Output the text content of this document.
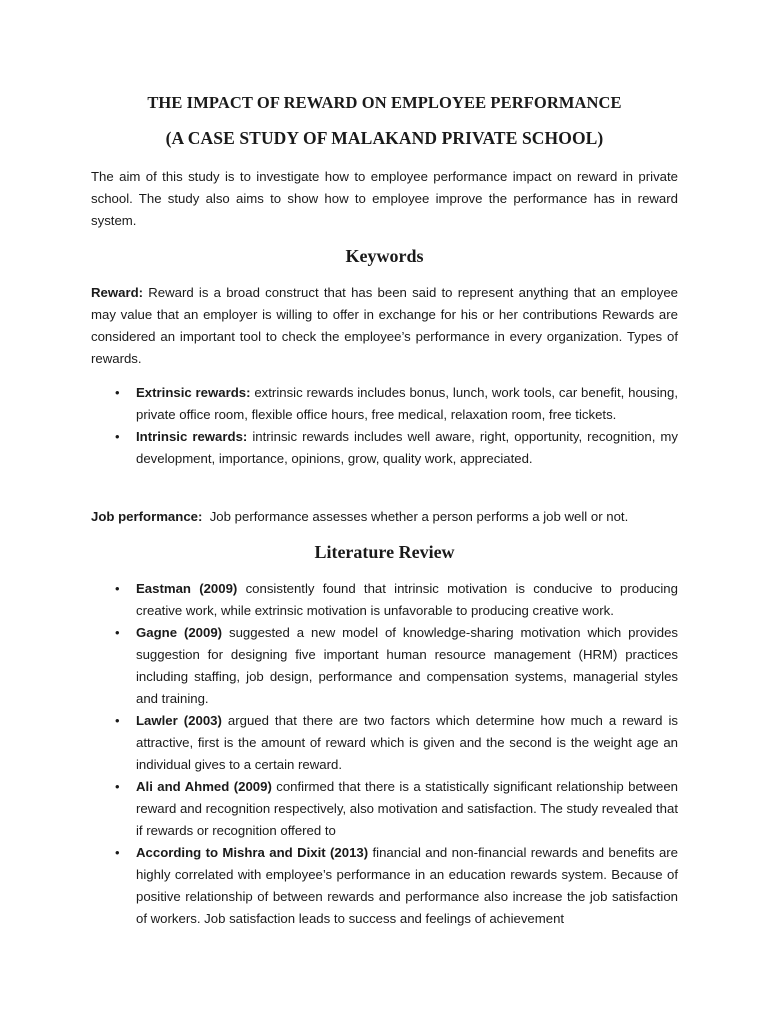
THE IMPACT OF REWARD ON EMPLOYEE PERFORMANCE
(A CASE STUDY OF MALAKAND PRIVATE SCHOOL)
The aim of this study is to investigate how to employee performance impact on reward in private school. The study also aims to show how to employee improve the performance has in reward system.
Keywords
Reward: Reward is a broad construct that has been said to represent anything that an employee may value that an employer is willing to offer in exchange for his or her contributions Rewards are considered an important tool to check the employee’s performance in every organization. Types of rewards.
• Extrinsic rewards: extrinsic rewards includes bonus, lunch, work tools, car benefit, housing, private office room, flexible office hours, free medical, relaxation room, free tickets.
• Intrinsic rewards: intrinsic rewards includes well aware, right, opportunity, recognition, my development, importance, opinions, grow, quality work, appreciated.
Job performance:  Job performance assesses whether a person performs a job well or not.
Literature Review
• Eastman (2009) consistently found that intrinsic motivation is conducive to producing creative work, while extrinsic motivation is unfavorable to producing creative work.
• Gagne (2009) suggested a new model of knowledge-sharing motivation which provides suggestion for designing five important human resource management (HRM) practices including staffing, job design, performance and compensation systems, managerial styles and training.
• Lawler (2003) argued that there are two factors which determine how much a reward is attractive, first is the amount of reward which is given and the second is the weight age an individual gives to a certain reward.
• Ali and Ahmed (2009) confirmed that there is a statistically significant relationship between reward and recognition respectively, also motivation and satisfaction. The study revealed that if rewards or recognition offered to
• According to Mishra and Dixit (2013) financial and non-financial rewards and benefits are highly correlated with employee’s performance in an education rewards system. Because of positive relationship of between rewards and performance also increase the job satisfaction of workers. Job satisfaction leads to success and feelings of achievement
